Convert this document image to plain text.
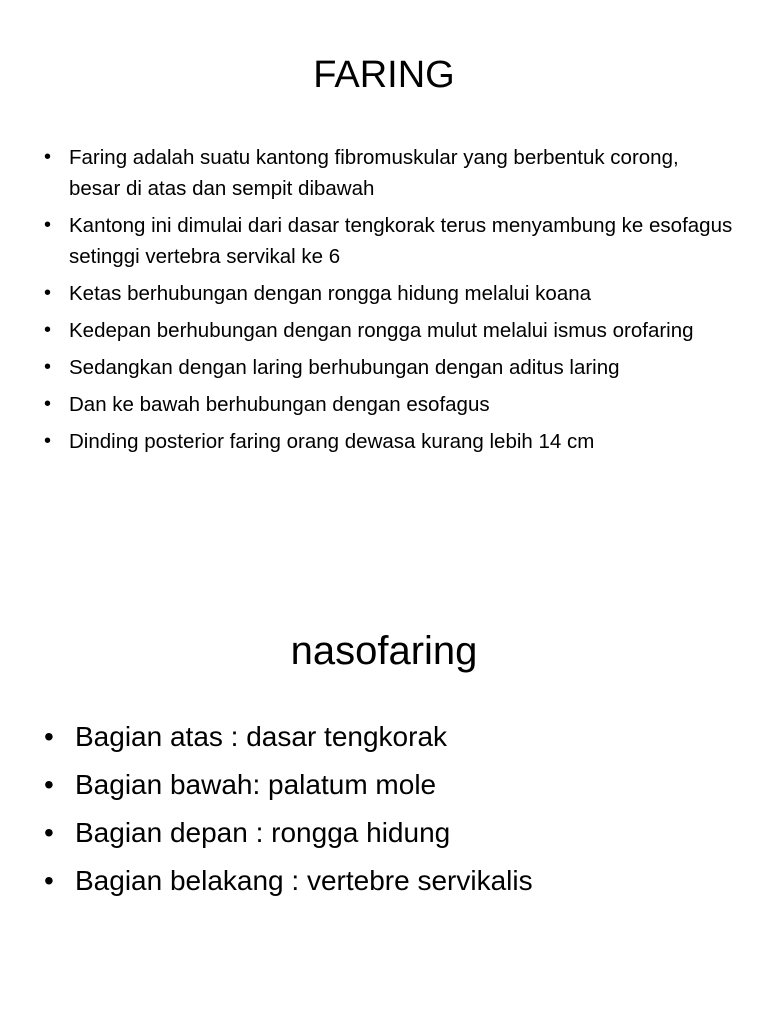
FARING
• Faring adalah suatu kantong fibromuskular yang berbentuk corong, besar di atas dan sempit dibawah
• Kantong ini dimulai dari dasar tengkorak terus menyambung ke esofagus setinggi vertebra servikal ke 6
• Ketas berhubungan dengan rongga hidung melalui koana
• Kedepan berhubungan dengan rongga mulut melalui ismus orofaring
• Sedangkan dengan laring berhubungan dengan aditus laring
• Dan ke bawah berhubungan dengan esofagus
• Dinding posterior faring orang dewasa kurang lebih 14 cm
nasofaring
• Bagian atas : dasar tengkorak
• Bagian bawah: palatum mole
• Bagian depan : rongga hidung
• Bagian belakang : vertebre servikalis
